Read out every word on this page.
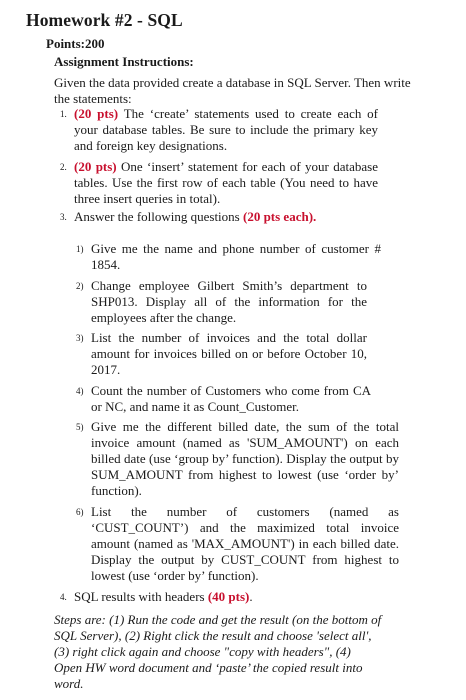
Homework #2 - SQL
Points:200
Assignment Instructions:

Given the data provided create a database in SQL Server. Then write the statements:

1. (20 pts) The ‘create’ statements used to create each of your database tables. Be sure to include the primary key and foreign key designations.

2. (20 pts) One ‘insert’ statement for each of your database tables. Use the first row of each table (You need to have three insert queries in total).

3. Answer the following questions (20 pts each).

1) Give me the name and phone number of customer # 1854.

2) Change employee Gilbert Smith’s department to SHP013. Display all of the information for the employees after the change.

3) List the number of invoices and the total dollar amount for invoices billed on or before October 10, 2017.

4) Count the number of Customers who come from CA or NC, and name it as Count_Customer.

5) Give me the different billed date, the sum of the total invoice amount (named as 'SUM_AMOUNT') on each billed date (use ‘group by’ function). Display the output by SUM_AMOUNT from highest to lowest (use ‘order by’ function).

6) List the number of customers (named as ‘CUST_COUNT’) and the maximized total invoice amount (named as 'MAX_AMOUNT') in each billed date. Display the output by CUST_COUNT from highest to lowest (use ‘order by’ function).

4. SQL results with headers (40 pts).

Steps are: (1) Run the code and get the result (on the bottom of SQL Server), (2) Right click the result and choose 'select all', (3) right click again and choose "copy with headers", (4) Open HW word document and ‘paste’ the copied result into word.
